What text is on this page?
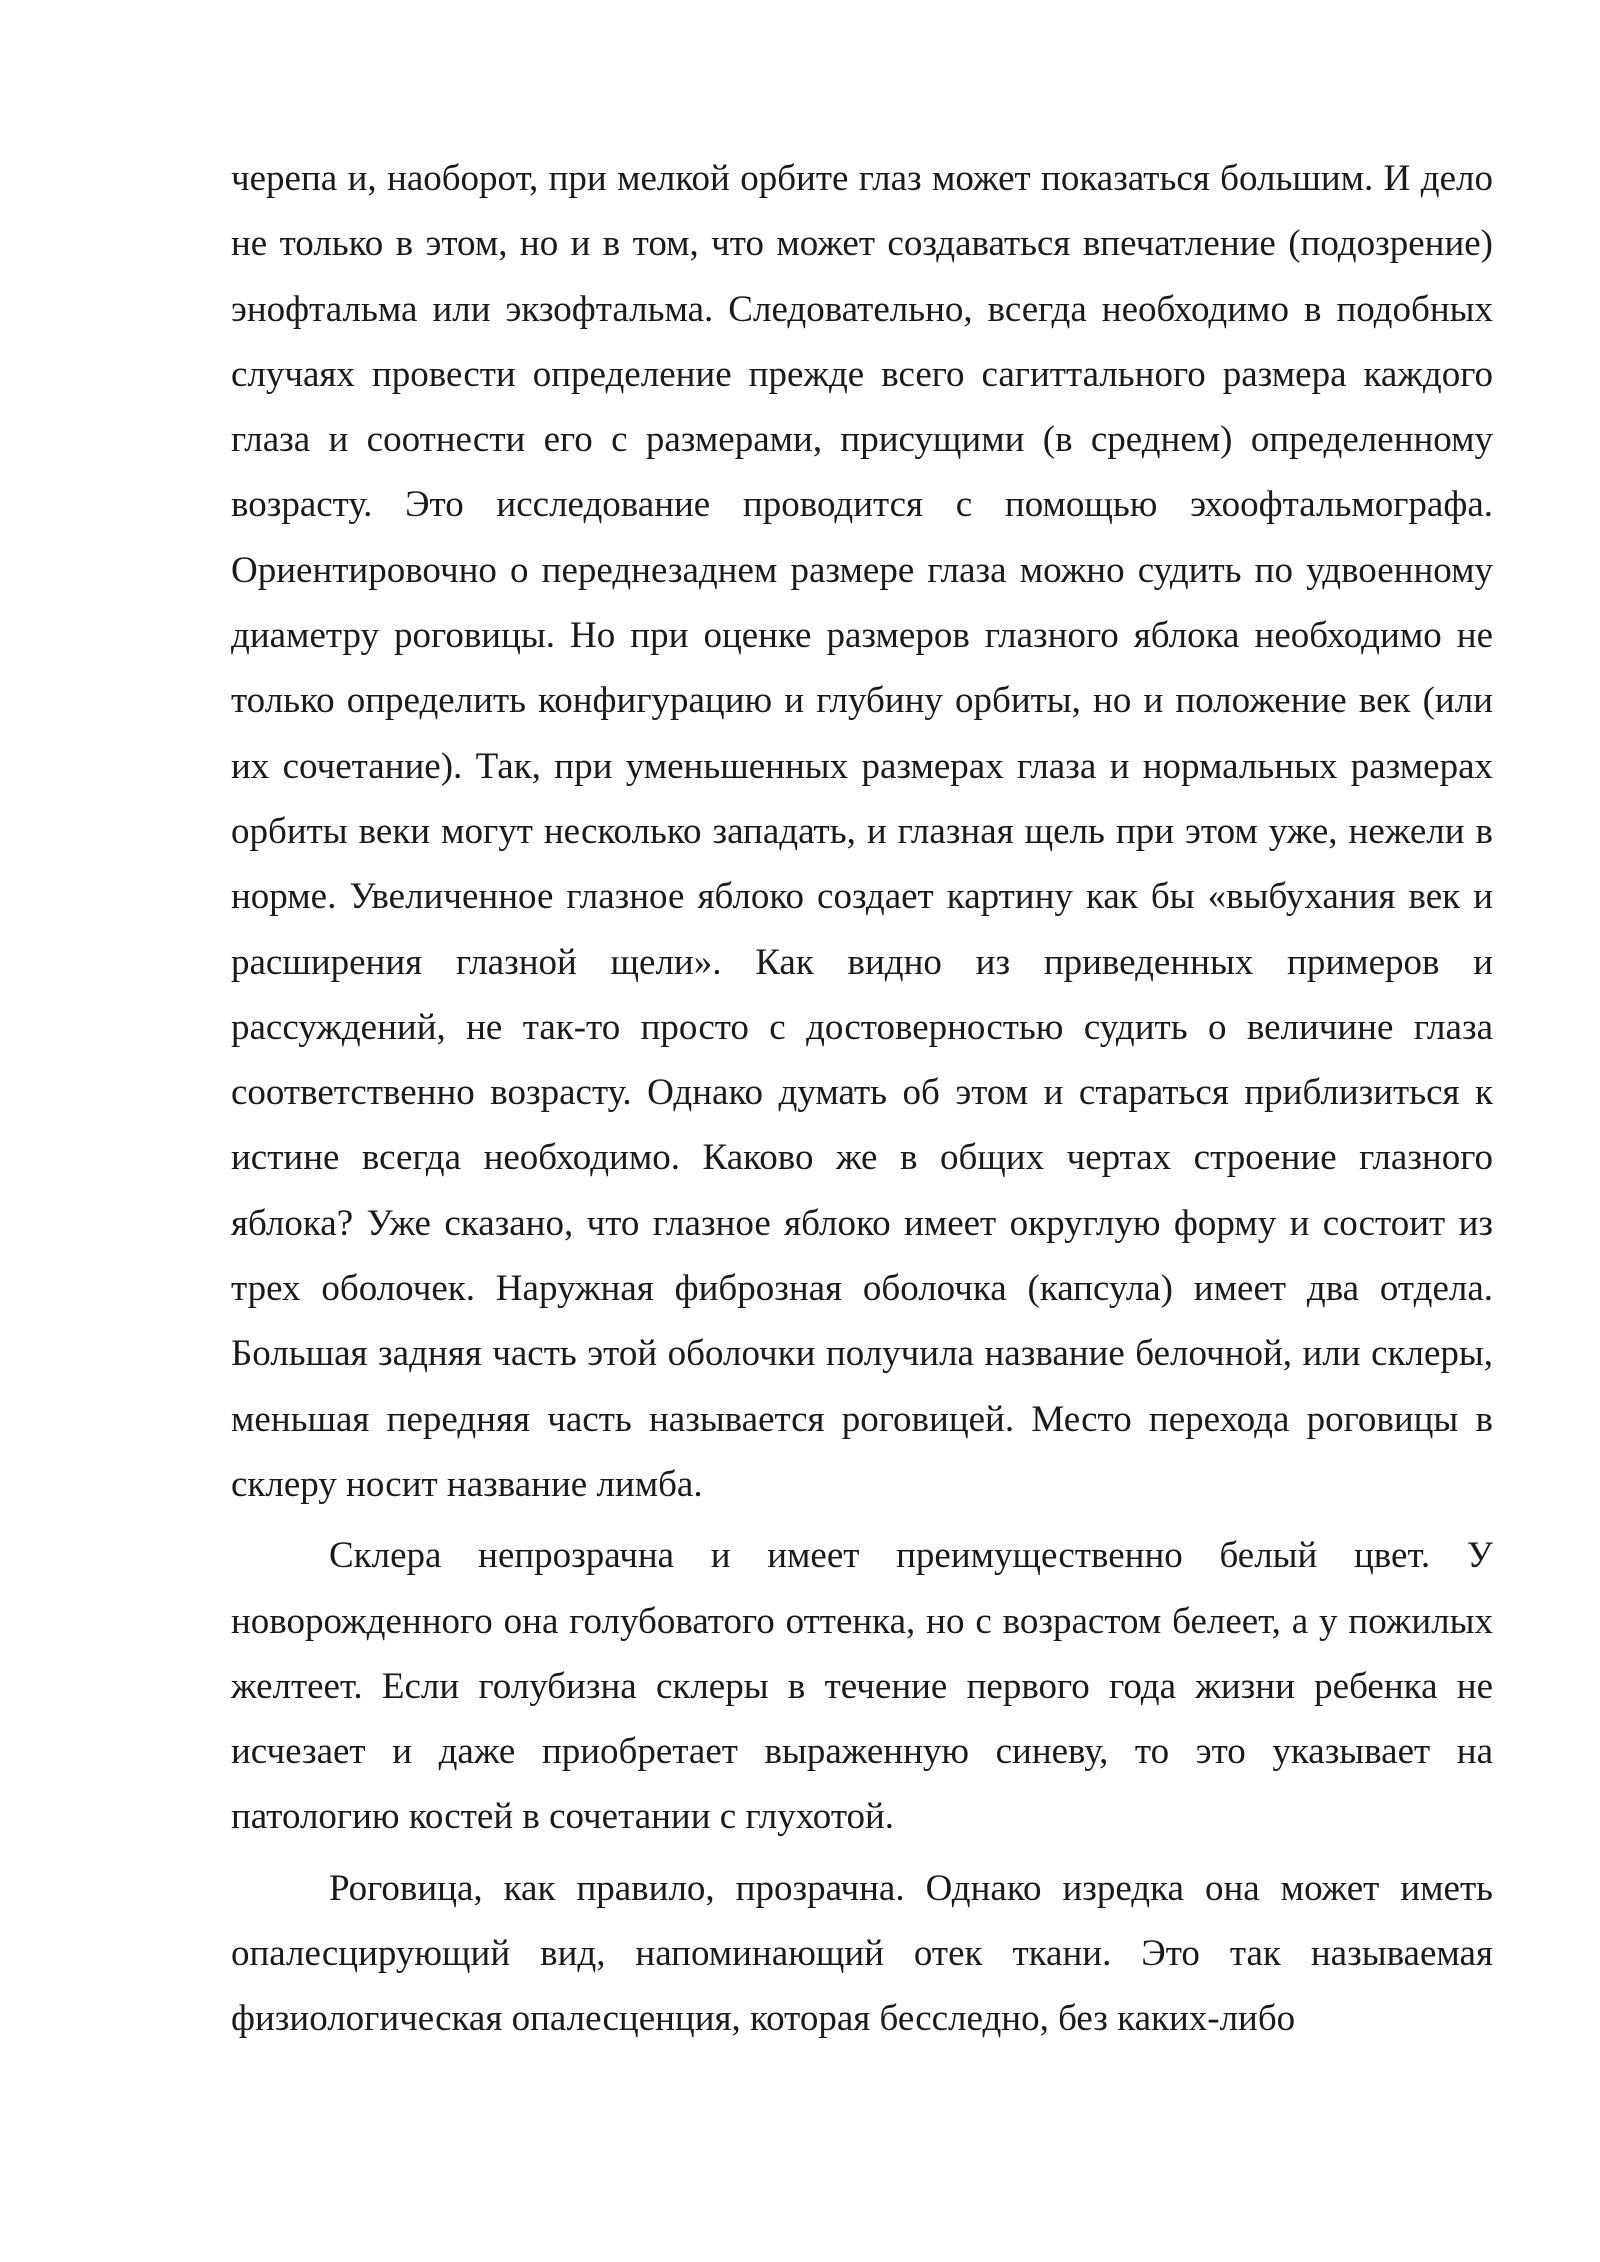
черепа и, наоборот, при мелкой орбите глаз может показаться большим. И дело не только в этом, но и в том, что может создаваться впечатление (подозрение) энофтальма или экзофтальма. Следовательно, всегда необходимо в подобных случаях провести определение прежде всего сагиттального размера каждого глаза и соотнести его с размерами, присущими (в среднем) определенному возрасту. Это исследование проводится с помощью эхоофтальмографа. Ориентировочно о переднезаднем размере глаза можно судить по удвоенному диаметру роговицы. Но при оценке размеров глазного яблока необходимо не только определить конфигурацию и глубину орбиты, но и положение век (или их сочетание). Так, при уменьшенных размерах глаза и нормальных размерах орбиты веки могут несколько западать, и глазная щель при этом уже, нежели в норме. Увеличенное глазное яблоко создает картину как бы «выбухания век и расширения глазной щели». Как видно из приведенных примеров и рассуждений, не так-то просто с достоверностью судить о величине глаза соответственно возрасту. Однако думать об этом и стараться приблизиться к истине всегда необходимо. Каково же в общих чертах строение глазного яблока? Уже сказано, что глазное яблоко имеет округлую форму и состоит из трех оболочек. Наружная фиброзная оболочка (капсула) имеет два отдела. Большая задняя часть этой оболочки получила название белочной, или склеры, меньшая передняя часть называется роговицей. Место перехода роговицы в склеру носит название лимба.

Склера непрозрачна и имеет преимущественно белый цвет. У новорожденного она голубоватого оттенка, но с возрастом белеет, а у пожилых желтеет. Если голубизна склеры в течение первого года жизни ребенка не исчезает и даже приобретает выраженную синеву, то это указывает на патологию костей в сочетании с глухотой.

Роговица, как правило, прозрачна. Однако изредка она может иметь опалесцирующий вид, напоминающий отек ткани. Это так называемая физиологическая опалесценция, которая бесследно, без каких-либо
